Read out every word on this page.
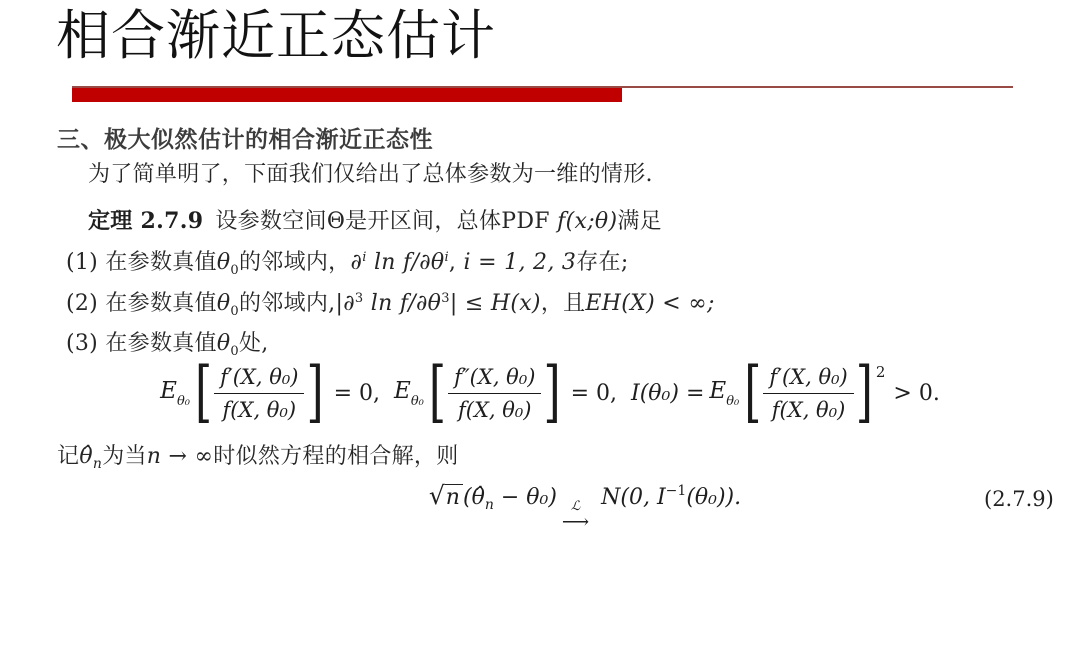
相合渐近正态估计
三、极大似然估计的相合渐近正态性
为了简单明了，下面我们仅给出了总体参数为一维的情形.
定理 2.7.9 设参数空间Θ是开区间，总体PDF f(x;θ)满足
(1) 在参数真值$\theta_0$的邻域内，∂$^i$ $\ln f/\partial\theta^i$, i = 1, 2, 3存在;
(2) 在参数真值$\theta_0$的邻域内,|∂$^3$ $\ln f/\partial\theta^3| \le H(x)$，且EH(X) < ∞;
(3) 在参数真值$\theta_0$处,
$E_{\theta_0}$ [ $\frac{\text{f′(X, θ₀)}}{\text{f(X, θ₀)}}$ ] = 0, $E_{\theta_0}$ [ $\frac{\text{f″(X, θ₀)}}{\text{f(X, θ₀)}}$ ] = 0, $I(\theta_0) = E_{\theta_0}$ [ $\frac{\text{f′(X, θ₀)}}{\text{f(X, θ₀)}}$ ] 2
> 0.
记$\thetâ_n$为当n → ∞时似然方程的相合解，则
√n $(\thetâ_n - \theta_0)$ ℒ
⟶
N(0, $I^{-1}(\theta_0)$).	(2.7.9)
